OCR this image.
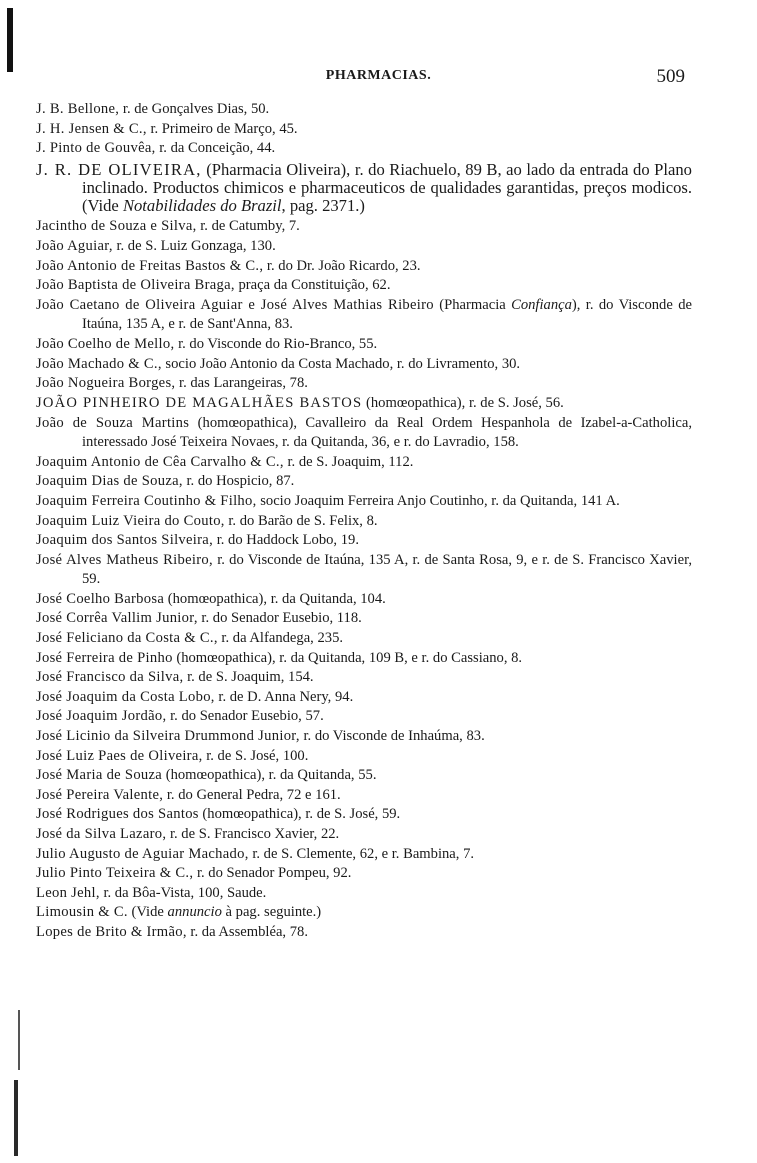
PHARMACIAS.	509

J. B. Bellone, r. de Gonçalves Dias, 50.

J. H. Jensen & C., r. Primeiro de Março, 45.

J. Pinto de Gouvêa, r. da Conceição, 44.

J. R. DE OLIVEIRA, (Pharmacia Oliveira), r. do Riachuelo, 89 B, ao lado da entrada do Plano inclinado. Productos chimicos e pharmaceuticos de qualidades garantidas, preços modicos. (Vide Notabilidades do Brazil, pag. 2371.)

Jacintho de Souza e Silva, r. de Catumby, 7.

João Aguiar, r. de S. Luiz Gonzaga, 130.

João Antonio de Freitas Bastos & C., r. do Dr. João Ricardo, 23.

João Baptista de Oliveira Braga, praça da Constituição, 62.

João Caetano de Oliveira Aguiar e José Alves Mathias Ribeiro (Pharmacia Confiança), r. do Visconde de Itaúna, 135 A, e r. de Sant'Anna, 83.

João Coelho de Mello, r. do Visconde do Rio-Branco, 55.

João Machado & C., socio João Antonio da Costa Machado, r. do Livramento, 30.

João Nogueira Borges, r. das Larangeiras, 78.

JOÃO PINHEIRO DE MAGALHÃES BASTOS (homœopathica), r. de S. José, 56.

João de Souza Martins (homœopathica), Cavalleiro da Real Ordem Hespanhola de Izabel-a-Catholica, interessado José Teixeira Novaes, r. da Quitanda, 36, e r. do Lavradio, 158.

Joaquim Antonio de Cêa Carvalho & C., r. de S. Joaquim, 112.

Joaquim Dias de Souza, r. do Hospicio, 87.

Joaquim Ferreira Coutinho & Filho, socio Joaquim Ferreira Anjo Coutinho, r. da Quitanda, 141 A.

Joaquim Luiz Vieira do Couto, r. do Barão de S. Felix, 8.

Joaquim dos Santos Silveira, r. do Haddock Lobo, 19.

José Alves Matheus Ribeiro, r. do Visconde de Itaúna, 135 A, r. de Santa Rosa, 9, e r. de S. Francisco Xavier, 59.

José Coelho Barbosa (homœopathica), r. da Quitanda, 104.

José Corrêa Vallim Junior, r. do Senador Eusebio, 118.

José Feliciano da Costa & C., r. da Alfandega, 235.

José Ferreira de Pinho (homœopathica), r. da Quitanda, 109 B, e r. do Cassiano, 8.

José Francisco da Silva, r. de S. Joaquim, 154.

José Joaquim da Costa Lobo, r. de D. Anna Nery, 94.

José Joaquim Jordão, r. do Senador Eusebio, 57.

José Licinio da Silveira Drummond Junior, r. do Visconde de Inhaúma, 83.

José Luiz Paes de Oliveira, r. de S. José, 100.

José Maria de Souza (homœopathica), r. da Quitanda, 55.

José Pereira Valente, r. do General Pedra, 72 e 161.

José Rodrigues dos Santos (homœopathica), r. de S. José, 59.

José da Silva Lazaro, r. de S. Francisco Xavier, 22.

Julio Augusto de Aguiar Machado, r. de S. Clemente, 62, e r. Bambina, 7.

Julio Pinto Teixeira & C., r. do Senador Pompeu, 92.

Leon Jehl, r. da Bôa-Vista, 100, Saude.

Limousin & C. (Vide annuncio à pag. seguinte.)

Lopes de Brito & Irmão, r. da Assembléa, 78.
